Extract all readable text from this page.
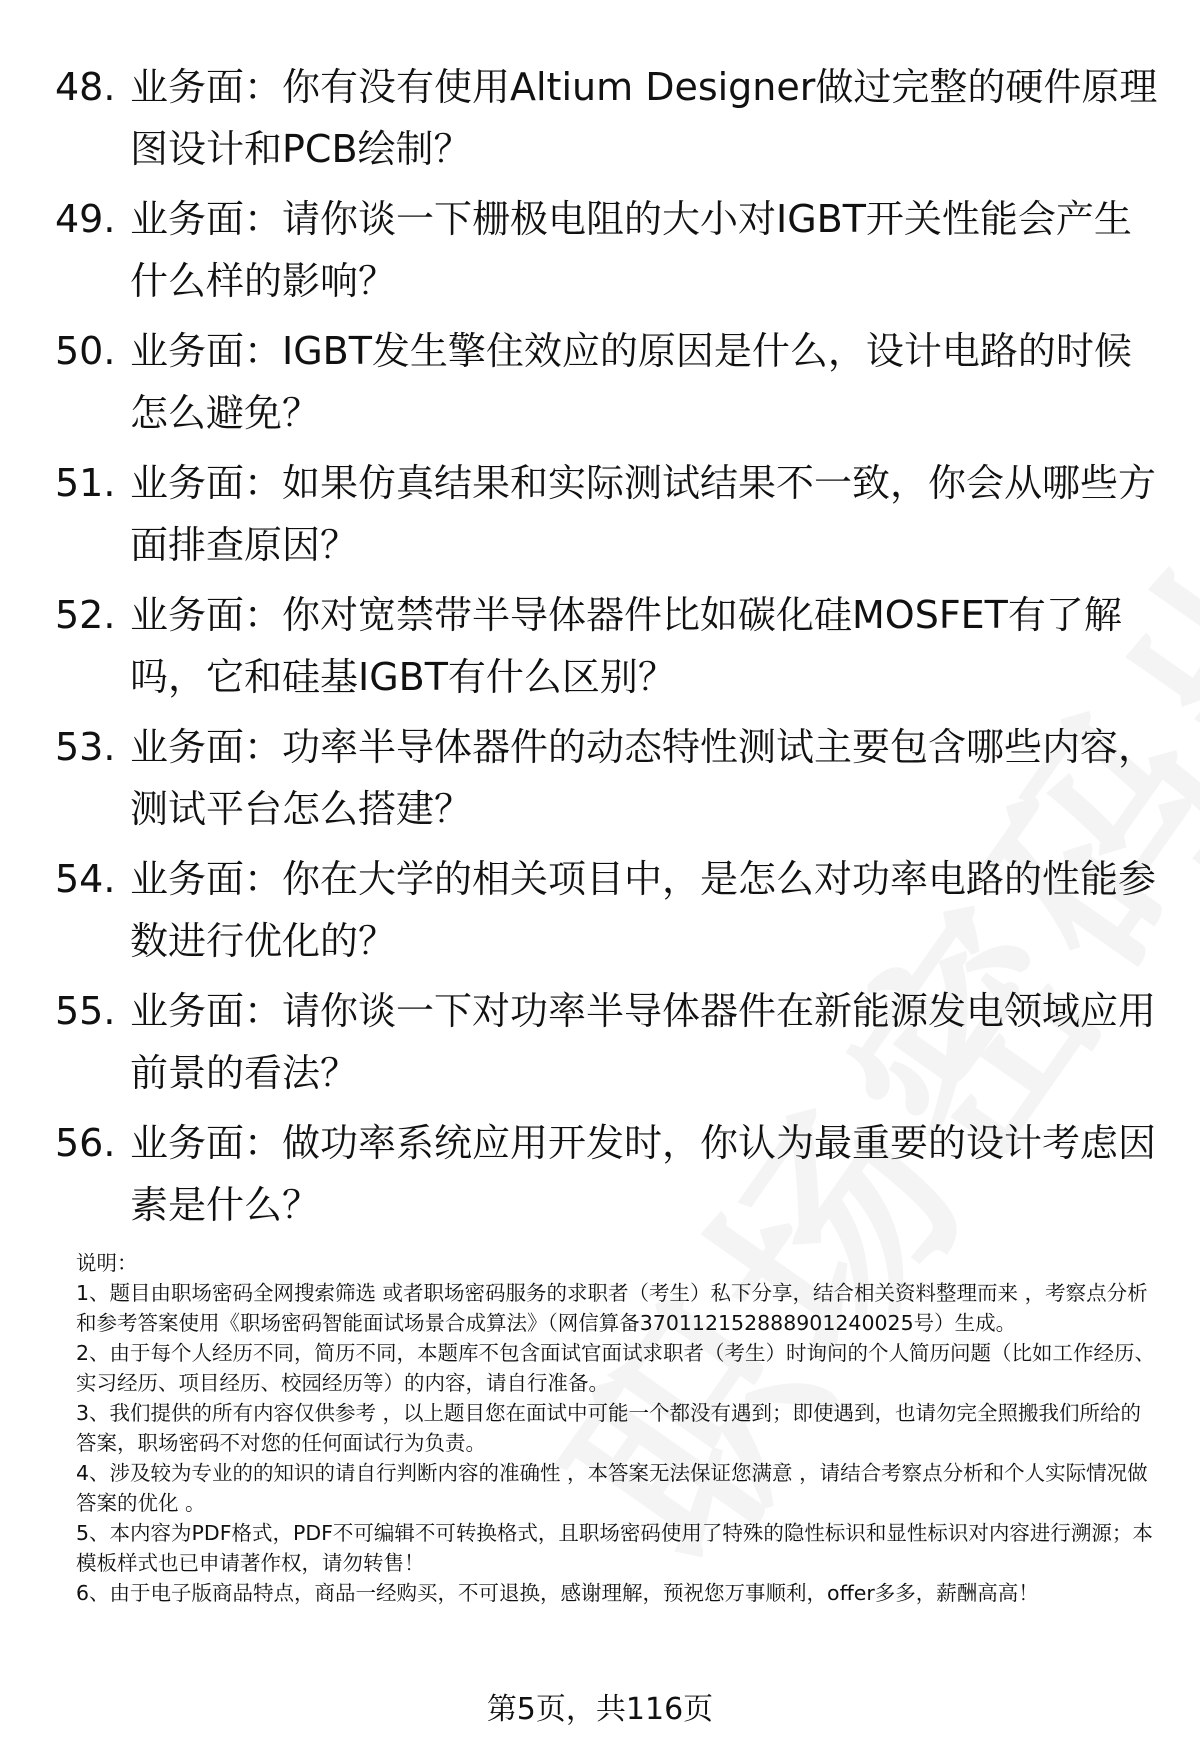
48. 业务面：你有没有使用Altium Designer做过完整的硬件原理图设计和PCB绘制？
49. 业务面：请你谈一下栅极电阻的大小对IGBT开关性能会产生什么样的影响？
50. 业务面：IGBT发生擎住效应的原因是什么，设计电路的时候怎么避免？
51. 业务面：如果仿真结果和实际测试结果不一致，你会从哪些方面排查原因？
52. 业务面：你对宽禁带半导体器件比如碳化硅MOSFET有了解吗，它和硅基IGBT有什么区别？
53. 业务面：功率半导体器件的动态特性测试主要包含哪些内容，测试平台怎么搭建？
54. 业务面：你在大学的相关项目中，是怎么对功率电路的性能参数进行优化的？
55. 业务面：请你谈一下对功率半导体器件在新能源发电领域应用前景的看法？
56. 业务面：做功率系统应用开发时，你认为最重要的设计考虑因素是什么？

说明：

1、题目由职场密码全网搜索筛选 或者职场密码服务的求职者（考生）私下分享，结合相关资料整理而来 ，考察点分析和参考答案使用《职场密码智能面试场景合成算法》（网信算备370112152888901240025号）生成。

2、由于每个人经历不同，简历不同，本题库不包含面试官面试求职者（考生）时询问的个人简历问题（比如工作经历、实习经历、项目经历、校园经历等）的内容，请自行准备。

3、我们提供的所有内容仅供参考 ，以上题目您在面试中可能一个都没有遇到；即使遇到，也请勿完全照搬我们所给的答案，职场密码不对您的任何面试行为负责。

4、涉及较为专业的的知识的请自行判断内容的准确性 ，本答案无法保证您满意 ，请结合考察点分析和个人实际情况做答案的优化 。

5、本内容为PDF格式，PDF不可编辑不可转换格式，且职场密码使用了特殊的隐性标识和显性标识对内容进行溯源；本模板样式也已申请著作权，请勿转售！

6、由于电子版商品特点，商品一经购买，不可退换，感谢理解，预祝您万事顺利，offer多多，薪酬高高！

第5页，共116页
